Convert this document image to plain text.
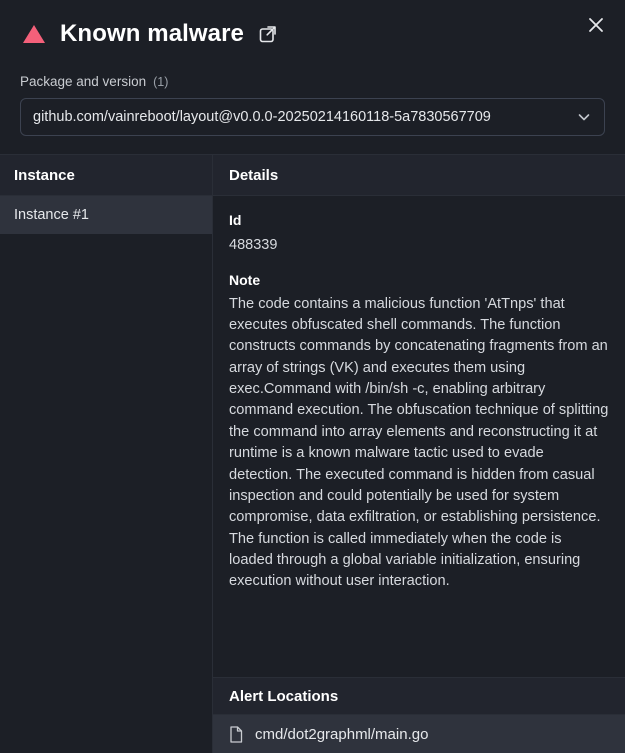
Known malware
Package and version (1)
github.com/vainreboot/layout@v0.0.0-20250214160118-5a7830567709
Instance
Instance #1
Details
Id
488339
Note
The code contains a malicious function 'AtTnps' that executes obfuscated shell commands. The function constructs commands by concatenating fragments from an array of strings (VK) and executes them using exec.Command with /bin/sh -c, enabling arbitrary command execution. The obfuscation technique of splitting the command into array elements and reconstructing it at runtime is a known malware tactic used to evade detection. The executed command is hidden from casual inspection and could potentially be used for system compromise, data exfiltration, or establishing persistence. The function is called immediately when the code is loaded through a global variable initialization, ensuring execution without user interaction.
Alert Locations
cmd/dot2graphml/main.go
